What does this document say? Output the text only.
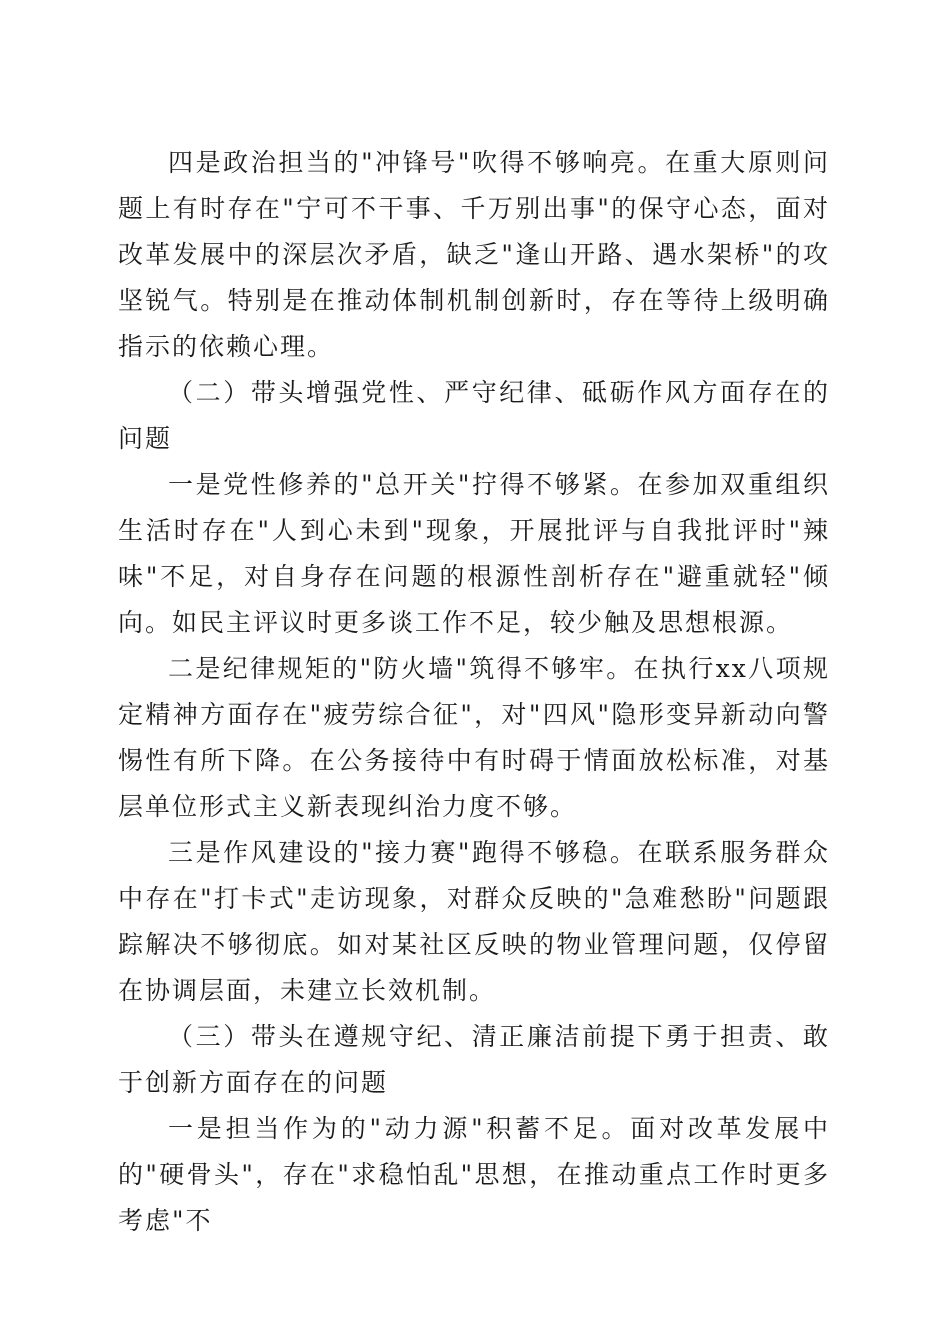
四是政治担当的"冲锋号"吹得不够响亮。在重大原则问题上有时存在"宁可不干事、千万别出事"的保守心态，面对改革发展中的深层次矛盾，缺乏"逢山开路、遇水架桥"的攻坚锐气。特别是在推动体制机制创新时，存在等待上级明确指示的依赖心理。

（二）带头增强党性、严守纪律、砥砺作风方面存在的问题

一是党性修养的"总开关"拧得不够紧。在参加双重组织生活时存在"人到心未到"现象，开展批评与自我批评时"辣味"不足，对自身存在问题的根源性剖析存在"避重就轻"倾向。如民主评议时更多谈工作不足，较少触及思想根源。

二是纪律规矩的"防火墙"筑得不够牢。在执行xx八项规定精神方面存在"疲劳综合征"，对"四风"隐形变异新动向警惕性有所下降。在公务接待中有时碍于情面放松标准，对基层单位形式主义新表现纠治力度不够。

三是作风建设的"接力赛"跑得不够稳。在联系服务群众中存在"打卡式"走访现象，对群众反映的"急难愁盼"问题跟踪解决不够彻底。如对某社区反映的物业管理问题，仅停留在协调层面，未建立长效机制。

（三）带头在遵规守纪、清正廉洁前提下勇于担责、敢于创新方面存在的问题

一是担当作为的"动力源"积蓄不足。面对改革发展中的"硬骨头"，存在"求稳怕乱"思想，在推动重点工作时更多考虑"不
